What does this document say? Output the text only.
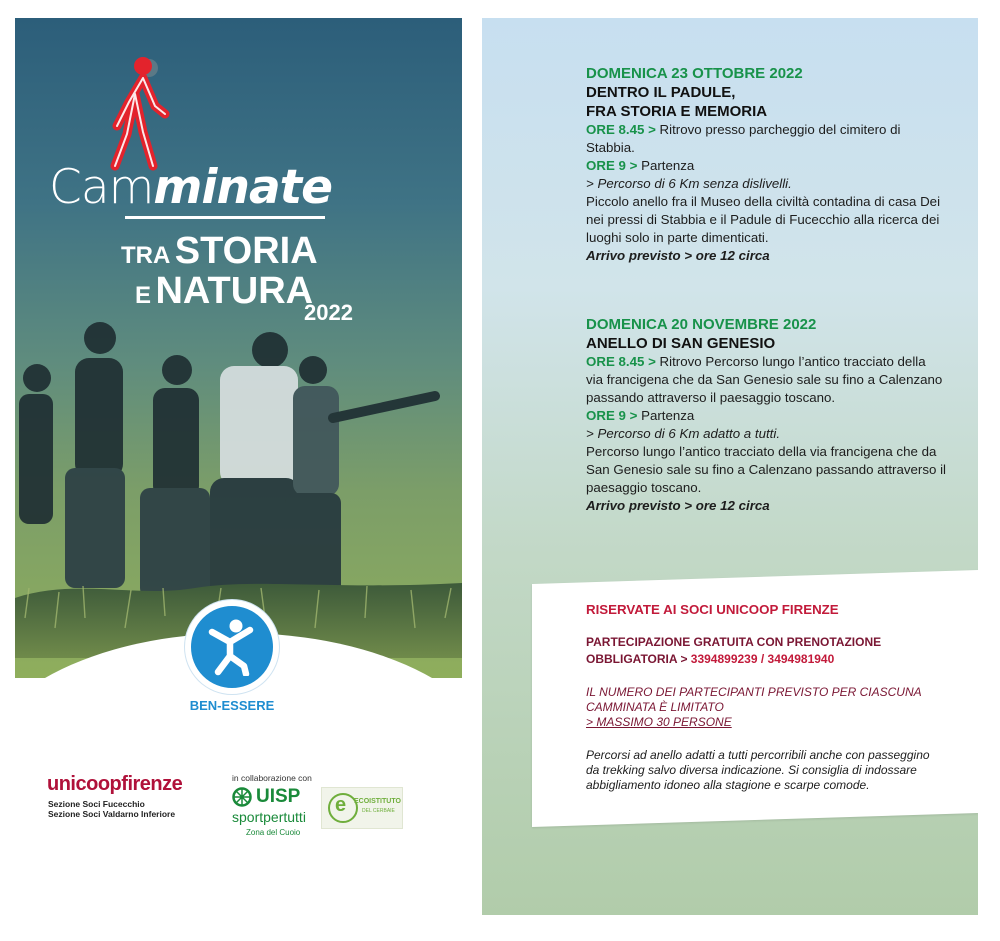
Camminate
TRA STORIA
E NATURA
2022
BEN-ESSERE
unicoopfirenze
Sezione Soci Fucecchio
Sezione Soci Valdarno Inferiore
in collaborazione con
UISP
sportpertutti
Zona del Cuoio
e ECOISTITUTO
DEL CERBAIE
DOMENICA 23 OTTOBRE 2022
DENTRO IL PADULE,
FRA STORIA E MEMORIA
ORE 8.45 > Ritrovo presso parcheggio del cimitero di Stabbia.
ORE 9 > Partenza
> Percorso di 6 Km senza dislivelli.
Piccolo anello fra il Museo della civiltà contadina di casa Dei nei pressi di Stabbia e il Padule di Fucecchio alla ricerca dei luoghi solo in parte dimenticati.
Arrivo previsto > ore 12 circa
DOMENICA 20 NOVEMBRE 2022
ANELLO DI SAN GENESIO
ORE 8.45 > Ritrovo Percorso lungo l’antico tracciato della via francigena che da San Genesio sale su fino a Calenzano passando attraverso il paesaggio toscano.
ORE 9 > Partenza
> Percorso di 6 Km adatto a tutti.
Percorso lungo l’antico tracciato della via francigena che da San Genesio sale su fino a Calenzano passando attraverso il paesaggio toscano.
Arrivo previsto > ore 12 circa
RISERVATE AI SOCI UNICOOP FIRENZE
PARTECIPAZIONE GRATUITA CON PRENOTAZIONE
OBBLIGATORIA > 3394899239 / 3494981940
IL NUMERO DEI PARTECIPANTI PREVISTO PER CIASCUNA CAMMINATA È LIMITATO
> MASSIMO 30 PERSONE
Percorsi ad anello adatti a tutti percorribili anche con passeggino da trekking salvo diversa indicazione. Si consiglia di indossare abbigliamento idoneo alla stagione e scarpe comode.
